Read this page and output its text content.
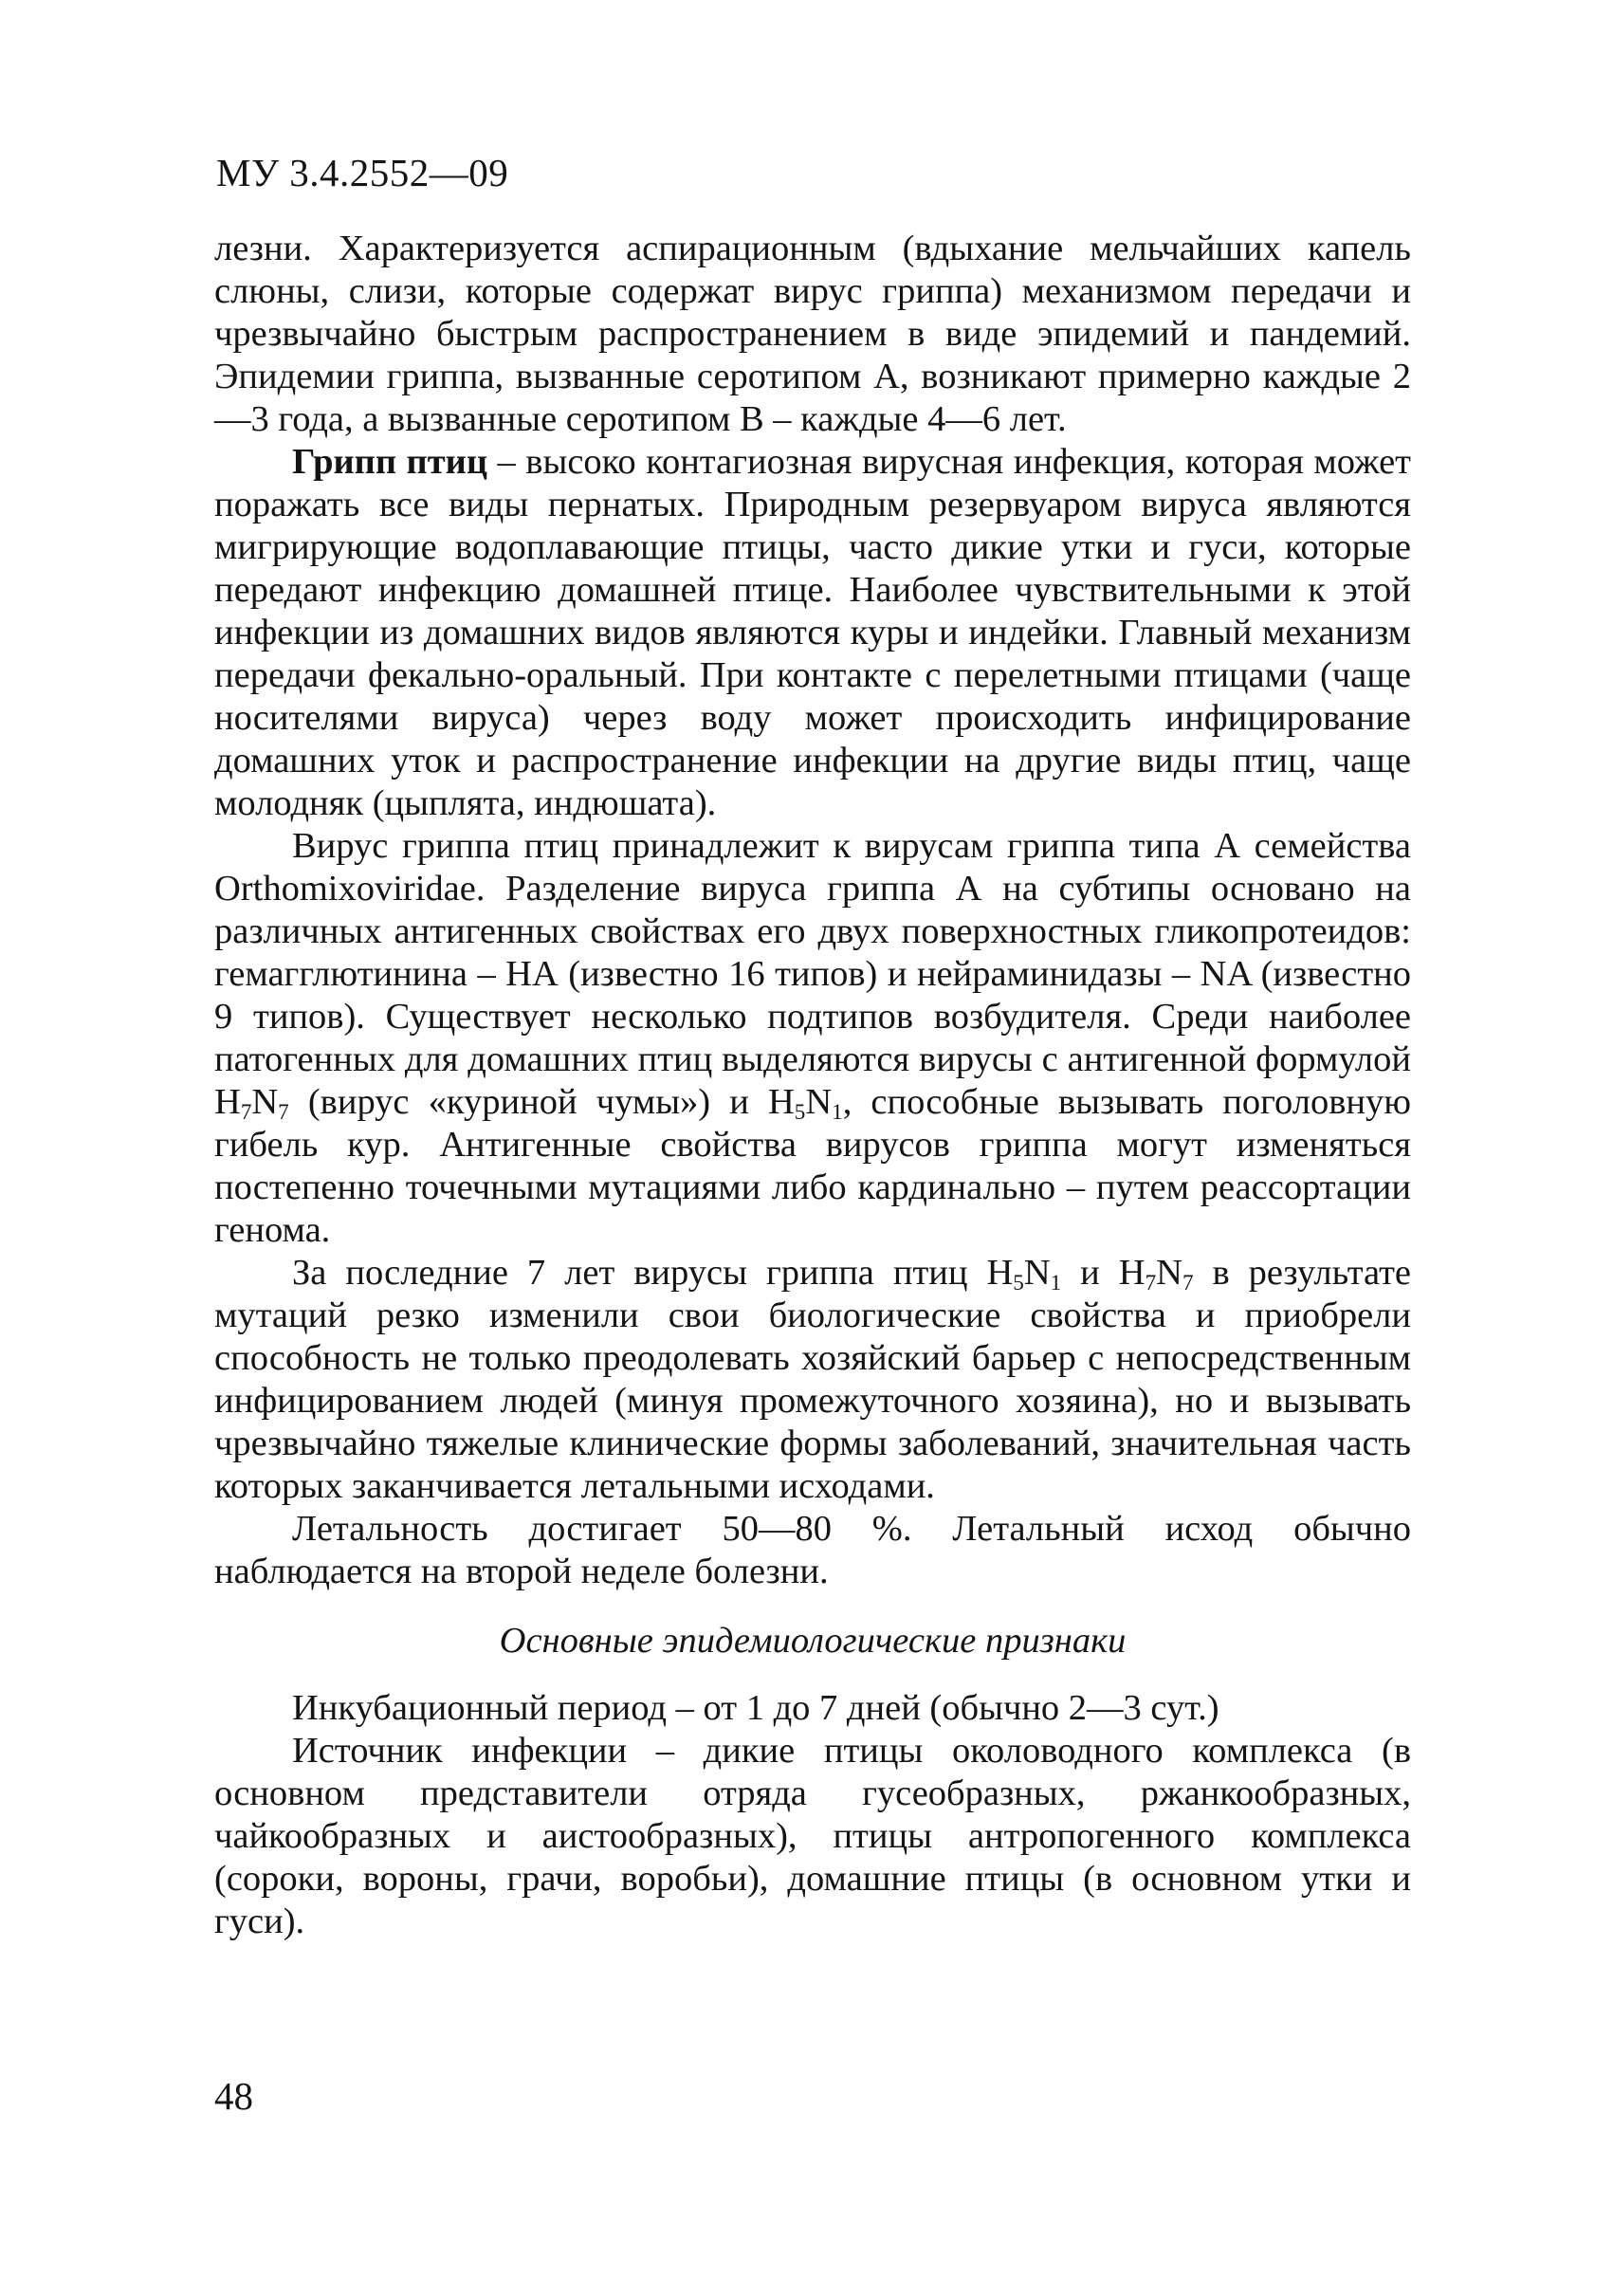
МУ 3.4.2552—09

лезни. Характеризуется аспирационным (вдыхание мельчайших капель слюны, слизи, которые содержат вирус гриппа) механизмом передачи и чрезвычайно быстрым распространением в виде эпидемий и пандемий. Эпидемии гриппа, вызванные серотипом А, возникают примерно каждые 2—3 года, а вызванные серотипом В – каждые 4—6 лет.

Грипп птиц – высоко контагиозная вирусная инфекция, которая может поражать все виды пернатых. Природным резервуаром вируса являются мигрирующие водоплавающие птицы, часто дикие утки и гуси, которые передают инфекцию домашней птице. Наиболее чувствительными к этой инфекции из домашних видов являются куры и индейки. Главный механизм передачи фекально-оральный. При контакте с перелетными птицами (чаще носителями вируса) через воду может происходить инфицирование домашних уток и распространение инфекции на другие виды птиц, чаще молодняк (цыплята, индюшата).

Вирус гриппа птиц принадлежит к вирусам гриппа типа А семейства Orthomixoviridae. Разделение вируса гриппа А на субтипы основано на различных антигенных свойствах его двух поверхностных гликопротеидов: гемагглютинина – НА (известно 16 типов) и нейраминидазы – NA (известно 9 типов). Существует несколько подтипов возбудителя. Среди наиболее патогенных для домашних птиц выделяются вирусы с антигенной формулой $Н_7N_7$ (вирус «куриной чумы») и $Н_5N_1$, способные вызывать поголовную гибель кур. Антигенные свойства вирусов гриппа могут изменяться постепенно точечными мутациями либо кардинально – путем реассортации генома.

За последние 7 лет вирусы гриппа птиц $Н_5N_1$ и $Н_7N_7$ в результате мутаций резко изменили свои биологические свойства и приобрели способность не только преодолевать хозяйский барьер с непосредственным инфицированием людей (минуя промежуточного хозяина), но и вызывать чрезвычайно тяжелые клинические формы заболеваний, значительная часть которых заканчивается летальными исходами.

Летальность достигает 50—80 %. Летальный исход обычно наблюдается на второй неделе болезни.

Основные эпидемиологические признаки

Инкубационный период – от 1 до 7 дней (обычно 2—3 сут.)

Источник инфекции – дикие птицы околоводного комплекса (в основном представители отряда гусеобразных, ржанкообразных, чайкообразных и аистообразных), птицы антропогенного комплекса (сороки, вороны, грачи, воробьи), домашние птицы (в основном утки и гуси).

48
